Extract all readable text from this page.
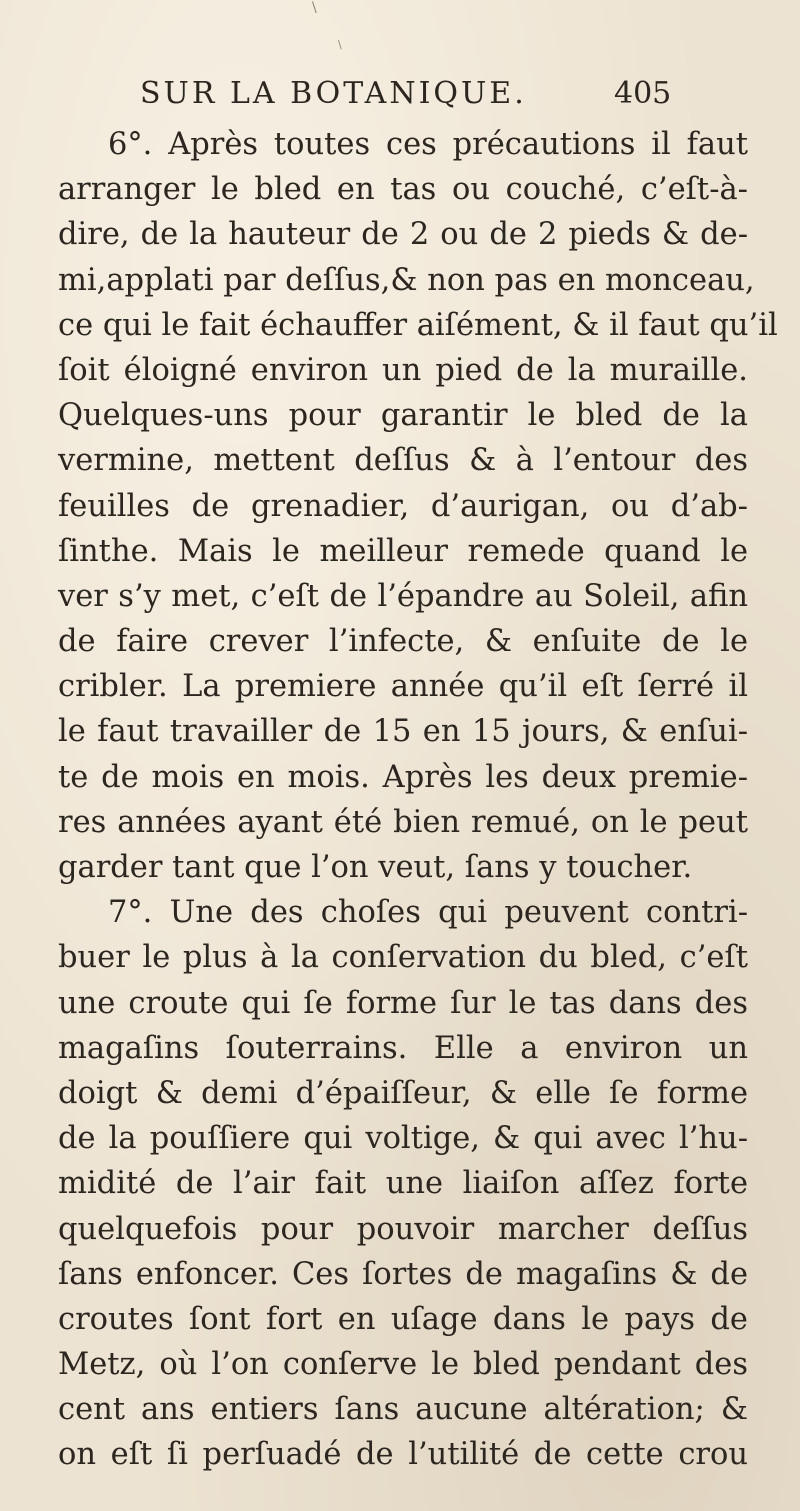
\
\
SUR LA BOTANIQUE.	405
6°. Après toutes ces précautions il faut
arranger le bled en tas ou couché, c’eſt-à-
dire, de la hauteur de 2 ou de 2 pieds & de-
mi,applati par deſſus,& non pas en monceau,
ce qui le fait échauffer aiſément, & il faut qu’il
ſoit éloigné environ un pied de la muraille.
Quelques-uns pour garantir le bled de la
vermine, mettent deſſus & à l’entour des
feuilles de grenadier, d’aurigan, ou d’ab-
ſinthe. Mais le meilleur remede quand le
ver s’y met, c’eſt de l’épandre au Soleil, afin
de faire crever l’infecte, & enſuite de le
cribler. La premiere année qu’il eſt ſerré il
le faut travailler de 15 en 15 jours, & enſui-
te de mois en mois. Après les deux premie-
res années ayant été bien remué, on le peut
garder tant que l’on veut, ſans y toucher.
7°. Une des choſes qui peuvent contri-
buer le plus à la conſervation du bled, c’eſt
une croute qui ſe forme ſur le tas dans des
magaſins ſouterrains. Elle a environ un
doigt & demi d’épaiſſeur, & elle ſe forme
de la pouſſiere qui voltige, & qui avec l’hu-
midité de l’air fait une liaiſon aſſez forte
quelquefois pour pouvoir marcher deſſus
ſans enfoncer. Ces ſortes de magaſins & de
croutes ſont fort en uſage dans le pays de
Metz, où l’on conſerve le bled pendant des
cent ans entiers ſans aucune altération; &
on eſt ſi perſuadé de l’utilité de cette crou
